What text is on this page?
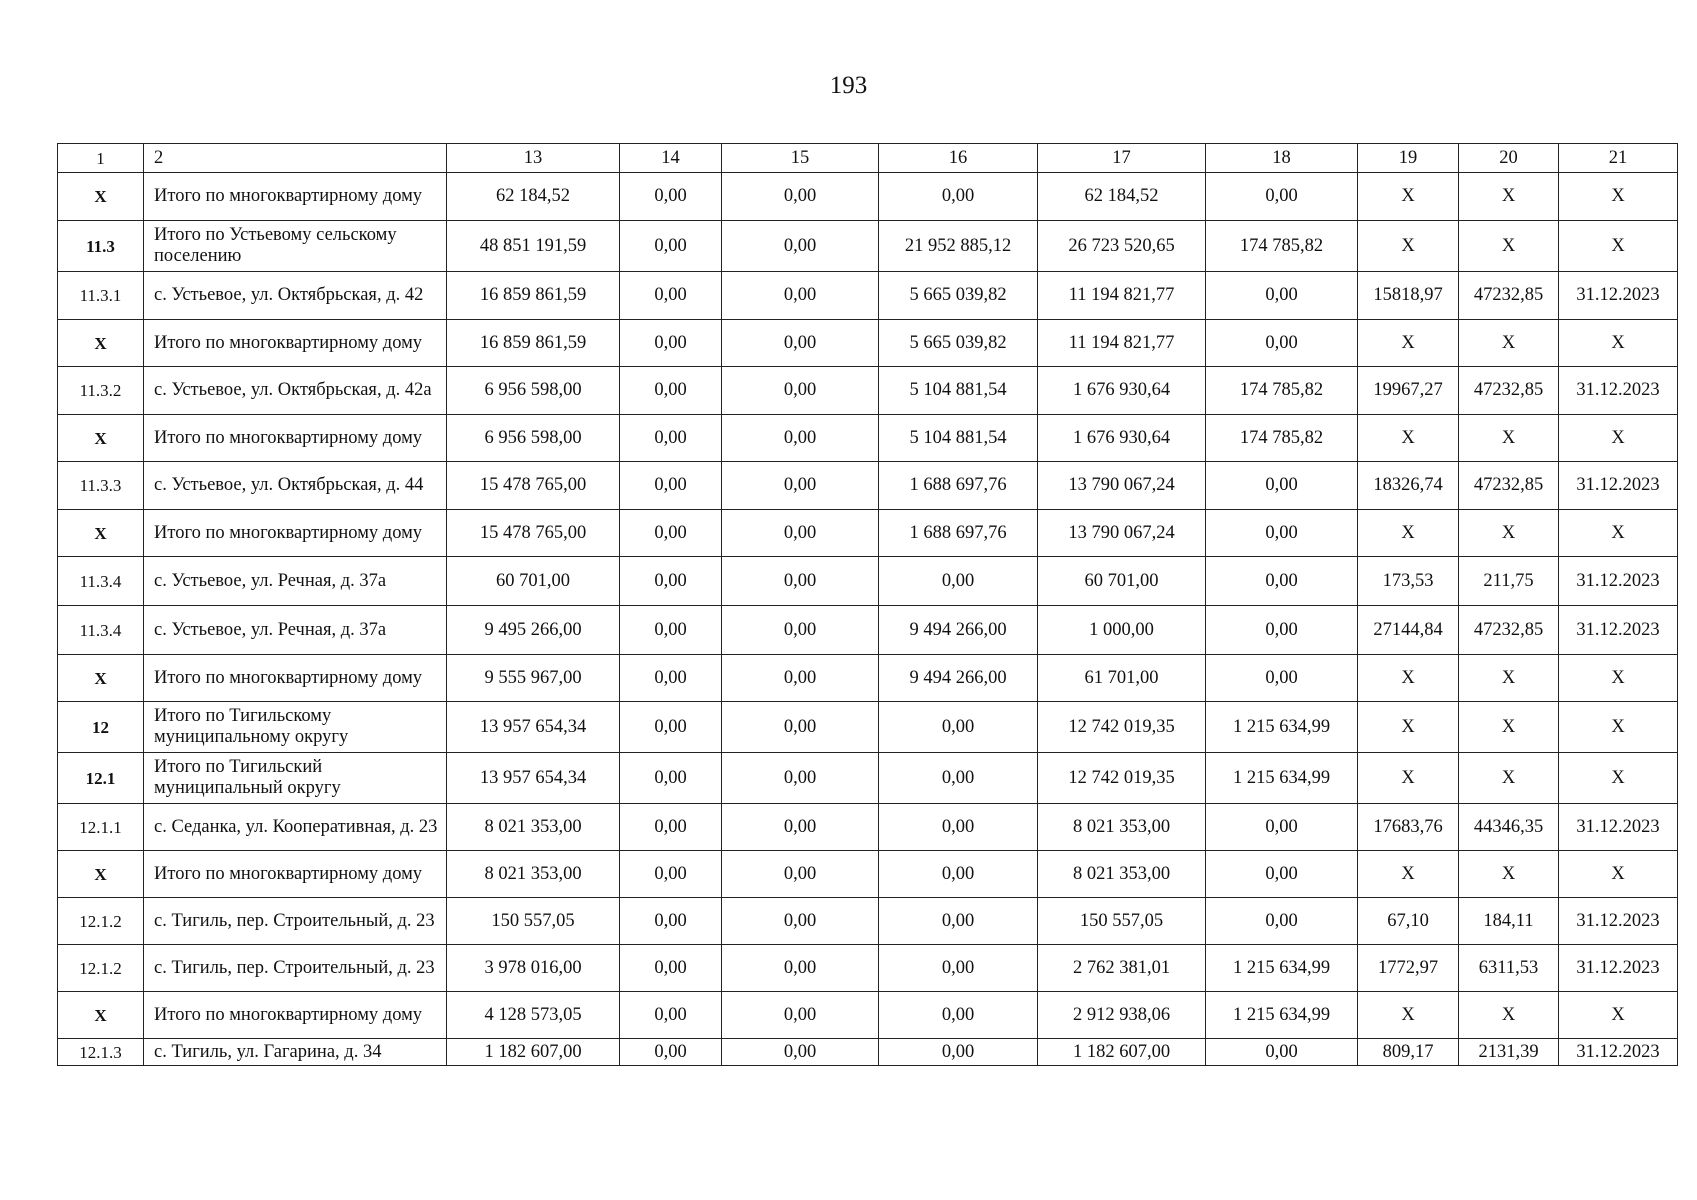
193
1	2	13	14	15	16	17	18	19	20	21
X	Итого по многоквартирному дому	62 184,52	0,00	0,00	0,00	62 184,52	0,00	X	X	X
11.3	Итого по Устьевому сельскому поселению	48 851 191,59	0,00	0,00	21 952 885,12	26 723 520,65	174 785,82	X	X	X
11.3.1	с. Устьевое, ул. Октябрьская, д. 42	16 859 861,59	0,00	0,00	5 665 039,82	11 194 821,77	0,00	15818,97	47232,85	31.12.2023
X	Итого по многоквартирному дому	16 859 861,59	0,00	0,00	5 665 039,82	11 194 821,77	0,00	X	X	X
11.3.2	с. Устьевое, ул. Октябрьская, д. 42а	6 956 598,00	0,00	0,00	5 104 881,54	1 676 930,64	174 785,82	19967,27	47232,85	31.12.2023
X	Итого по многоквартирному дому	6 956 598,00	0,00	0,00	5 104 881,54	1 676 930,64	174 785,82	X	X	X
11.3.3	с. Устьевое, ул. Октябрьская, д. 44	15 478 765,00	0,00	0,00	1 688 697,76	13 790 067,24	0,00	18326,74	47232,85	31.12.2023
X	Итого по многоквартирному дому	15 478 765,00	0,00	0,00	1 688 697,76	13 790 067,24	0,00	X	X	X
11.3.4	с. Устьевое, ул. Речная, д. 37а	60 701,00	0,00	0,00	0,00	60 701,00	0,00	173,53	211,75	31.12.2023
11.3.4	с. Устьевое, ул. Речная, д. 37а	9 495 266,00	0,00	0,00	9 494 266,00	1 000,00	0,00	27144,84	47232,85	31.12.2023
X	Итого по многоквартирному дому	9 555 967,00	0,00	0,00	9 494 266,00	61 701,00	0,00	X	X	X
12	Итого по Тигильскому муниципальному округу	13 957 654,34	0,00	0,00	0,00	12 742 019,35	1 215 634,99	X	X	X
12.1	Итого по Тигильский муниципальный округу	13 957 654,34	0,00	0,00	0,00	12 742 019,35	1 215 634,99	X	X	X
12.1.1	с. Седанка, ул. Кооперативная, д. 23	8 021 353,00	0,00	0,00	0,00	8 021 353,00	0,00	17683,76	44346,35	31.12.2023
X	Итого по многоквартирному дому	8 021 353,00	0,00	0,00	0,00	8 021 353,00	0,00	X	X	X
12.1.2	с. Тигиль, пер. Строительный, д. 23	150 557,05	0,00	0,00	0,00	150 557,05	0,00	67,10	184,11	31.12.2023
12.1.2	с. Тигиль, пер. Строительный, д. 23	3 978 016,00	0,00	0,00	0,00	2 762 381,01	1 215 634,99	1772,97	6311,53	31.12.2023
X	Итого по многоквартирному дому	4 128 573,05	0,00	0,00	0,00	2 912 938,06	1 215 634,99	X	X	X
12.1.3	с. Тигиль, ул. Гагарина, д. 34	1 182 607,00	0,00	0,00	0,00	1 182 607,00	0,00	809,17	2131,39	31.12.2023
